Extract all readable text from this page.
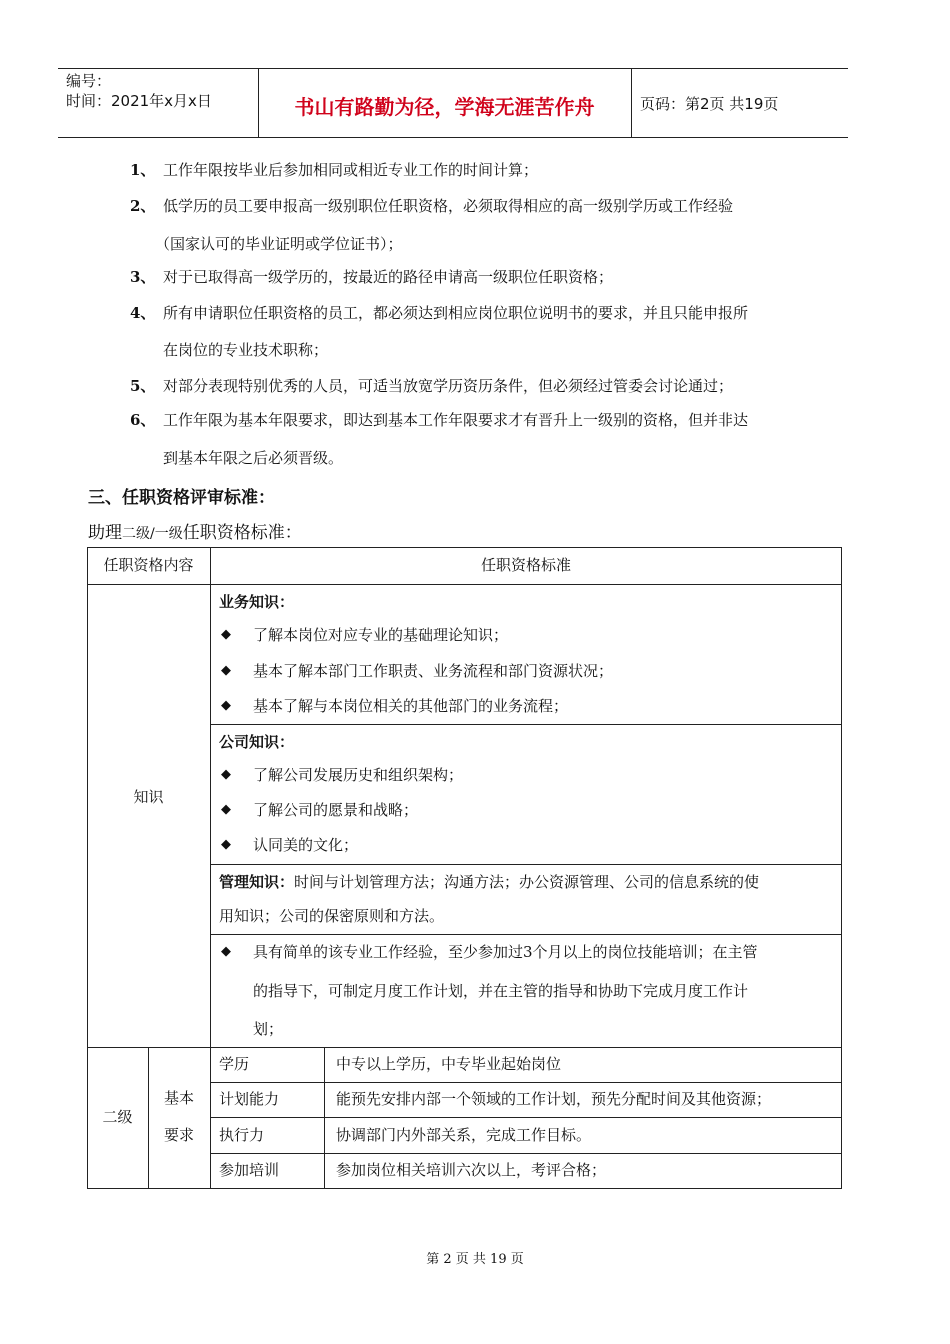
编号：
时间：2021年x月x日	书山有路勤为径，学海无涯苦作舟	页码：第2页 共19页
1、 工作年限按毕业后参加相同或相近专业工作的时间计算；
2、 低学历的员工要申报高一级别职位任职资格，必须取得相应的高一级别学历或工作经验
（国家认可的毕业证明或学位证书）；
3、 对于已取得高一级学历的，按最近的路径申请高一级职位任职资格；
4、 所有申请职位任职资格的员工，都必须达到相应岗位职位说明书的要求，并且只能申报所
在岗位的专业技术职称；
5、 对部分表现特别优秀的人员，可适当放宽学历资历条件，但必须经过管委会讨论通过；
6、 工作年限为基本年限要求，即达到基本工作年限要求才有晋升上一级别的资格，但并非达
到基本年限之后必须晋级。
三、任职资格评审标准：
助理二级/一级任职资格标准：
任职资格内容	任职资格标准
知识
业务知识：
◆ 了解本岗位对应专业的基础理论知识；
◆ 基本了解本部门工作职责、业务流程和部门资源状况；
◆ 基本了解与本岗位相关的其他部门的业务流程；
公司知识：
◆ 了解公司发展历史和组织架构；
◆ 了解公司的愿景和战略；
◆ 认同美的文化；
管理知识：时间与计划管理方法；沟通方法；办公资源管理、公司的信息系统的使
用知识；公司的保密原则和方法。
◆ 具有简单的该专业工作经验，至少参加过3个月以上的岗位技能培训；在主管
的指导下，可制定月度工作计划，并在主管的指导和协助下完成月度工作计
划；
二级
基本
要求
学历	中专以上学历，中专毕业起始岗位
计划能力	能预先安排内部一个领域的工作计划，预先分配时间及其他资源；
执行力	协调部门内外部关系，完成工作目标。
参加培训	参加岗位相关培训六次以上，考评合格；
第 2 页 共 19 页
